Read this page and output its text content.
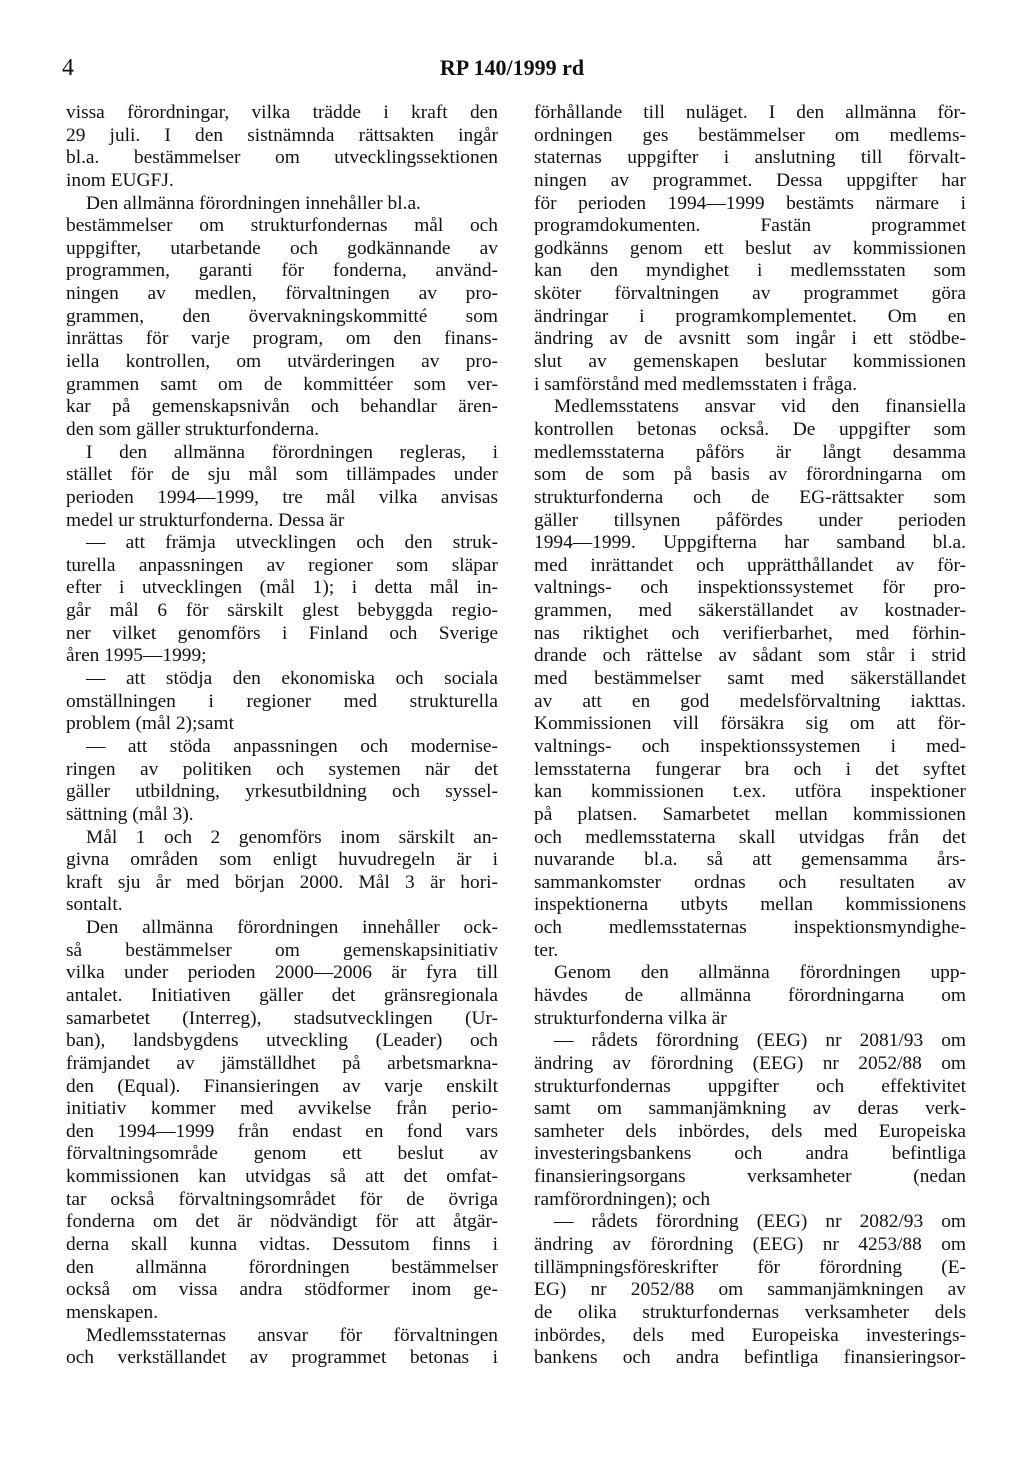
4	RP 140/1999 rd
vissa förordningar, vilka trädde i kraft den
29 juli. I den sistnämnda rättsakten ingår
bl.a. bestämmelser om utvecklingssektionen
inom EUGFJ.
Den allmänna förordningen innehåller bl.a.
bestämmelser om strukturfondernas mål och
uppgifter, utarbetande och godkännande av
programmen, garanti för fonderna, använd-
ningen av medlen, förvaltningen av pro-
grammen, den övervakningskommitté som
inrättas för varje program, om den finans-
iella kontrollen, om utvärderingen av pro-
grammen samt om de kommittéer som ver-
kar på gemenskapsnivån och behandlar ären-
den som gäller strukturfonderna.
I den allmänna förordningen regleras, i
stället för de sju mål som tillämpades under
perioden 1994—1999, tre mål vilka anvisas
medel ur strukturfonderna. Dessa är
— att främja utvecklingen och den struk-
turella anpassningen av regioner som släpar
efter i utvecklingen (mål 1); i detta mål in-
går mål 6 för särskilt glest bebyggda regio-
ner vilket genomförs i Finland och Sverige
åren 1995—1999;
— att stödja den ekonomiska och sociala
omställningen i regioner med strukturella
problem (mål 2);samt
— att stöda anpassningen och modernise-
ringen av politiken och systemen när det
gäller utbildning, yrkesutbildning och syssel-
sättning (mål 3).
Mål 1 och 2 genomförs inom särskilt an-
givna områden som enligt huvudregeln är i
kraft sju år med början 2000. Mål 3 är hori-
sontalt.
Den allmänna förordningen innehåller ock-
så bestämmelser om gemenskapsinitiativ
vilka under perioden 2000—2006 är fyra till
antalet. Initiativen gäller det gränsregionala
samarbetet (Interreg), stadsutvecklingen (Ur-
ban), landsbygdens utveckling (Leader) och
främjandet av jämställdhet på arbetsmarkna-
den (Equal). Finansieringen av varje enskilt
initiativ kommer med avvikelse från perio-
den 1994—1999 från endast en fond vars
förvaltningsområde genom ett beslut av
kommissionen kan utvidgas så att det omfat-
tar också förvaltningsområdet för de övriga
fonderna om det är nödvändigt för att åtgär-
derna skall kunna vidtas. Dessutom finns i
den allmänna förordningen bestämmelser
också om vissa andra stödformer inom ge-
menskapen.
Medlemsstaternas ansvar för förvaltningen
och verkställandet av programmet betonas i
förhållande till nuläget. I den allmänna för-
ordningen ges bestämmelser om medlems-
staternas uppgifter i anslutning till förvalt-
ningen av programmet. Dessa uppgifter har
för perioden 1994—1999 bestämts närmare i
programdokumenten. Fastän programmet
godkänns genom ett beslut av kommissionen
kan den myndighet i medlemsstaten som
sköter förvaltningen av programmet göra
ändringar i programkomplementet. Om en
ändring av de avsnitt som ingår i ett stödbe-
slut av gemenskapen beslutar kommissionen
i samförstånd med medlemsstaten i fråga.
Medlemsstatens ansvar vid den finansiella
kontrollen betonas också. De uppgifter som
medlemsstaterna påförs är långt desamma
som de som på basis av förordningarna om
strukturfonderna och de EG-rättsakter som
gäller tillsynen påfördes under perioden
1994—1999. Uppgifterna har samband bl.a.
med inrättandet och upprätthållandet av för-
valtnings- och inspektionssystemet för pro-
grammen, med säkerställandet av kostnader-
nas riktighet och verifierbarhet, med förhin-
drande och rättelse av sådant som står i strid
med bestämmelser samt med säkerställandet
av att en god medelsförvaltning iakttas.
Kommissionen vill försäkra sig om att för-
valtnings- och inspektionssystemen i med-
lemsstaterna fungerar bra och i det syftet
kan kommissionen t.ex. utföra inspektioner
på platsen. Samarbetet mellan kommissionen
och medlemsstaterna skall utvidgas från det
nuvarande bl.a. så att gemensamma års-
sammankomster ordnas och resultaten av
inspektionerna utbyts mellan kommissionens
och medlemsstaternas inspektionsmyndighe-
ter.
Genom den allmänna förordningen upp-
hävdes de allmänna förordningarna om
strukturfonderna vilka är
— rådets förordning (EEG) nr 2081/93 om
ändring av förordning (EEG) nr 2052/88 om
strukturfondernas uppgifter och effektivitet
samt om sammanjämkning av deras verk-
samheter dels inbördes, dels med Europeiska
investeringsbankens och andra befintliga
finansieringsorgans verksamheter (nedan
ramförordningen); och
— rådets förordning (EEG) nr 2082/93 om
ändring av förordning (EEG) nr 4253/88 om
tillämpningsföreskrifter för förordning (E-
EG) nr 2052/88 om sammanjämkningen av
de olika strukturfondernas verksamheter dels
inbördes, dels med Europeiska investerings-
bankens och andra befintliga finansieringsor-
